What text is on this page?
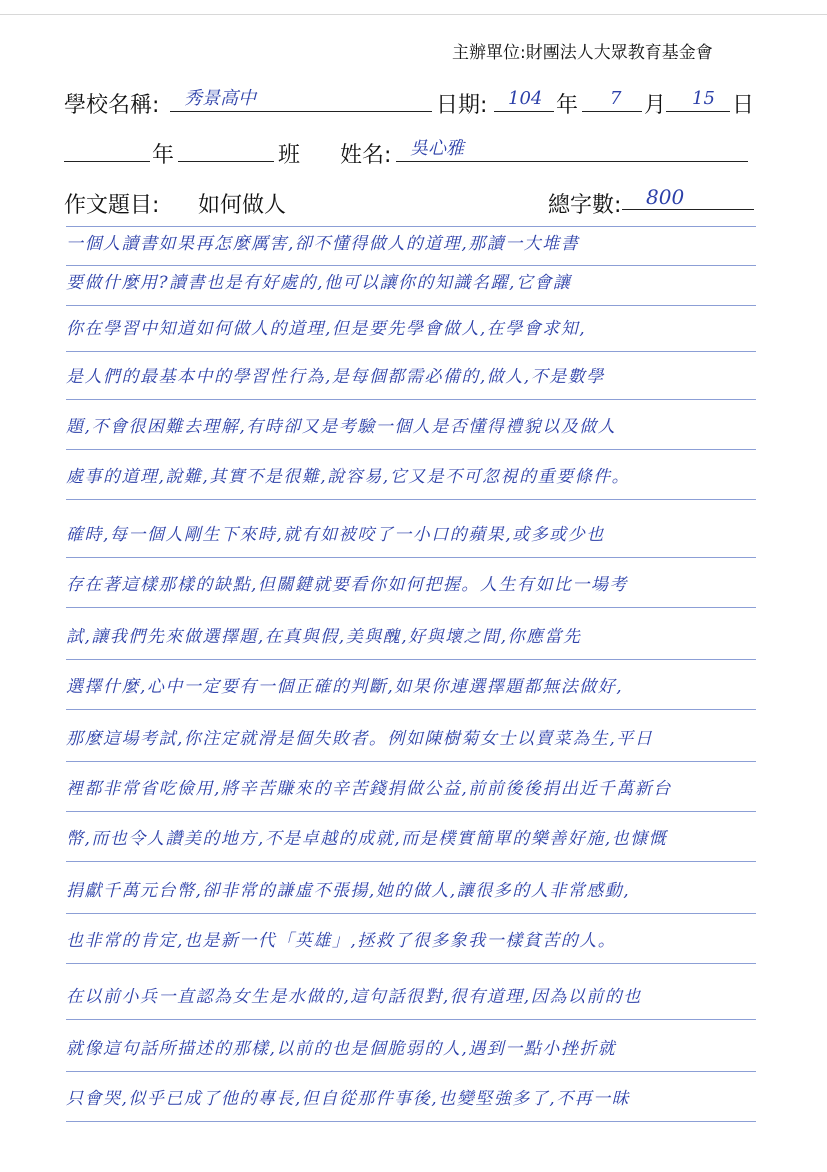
主辦單位:財團法人大眾教育基金會
學校名稱:	秀景高中	日期:	104 年	7	月	15 日
年	班 姓名:	吳心雅
作文題目: 如何做人	總字數:	800
一個人讀書如果再怎麼厲害,卻不懂得做人的道理,那讀一大堆書
要做什麼用?讀書也是有好處的,他可以讓你的知識名躍,它會讓
你在學習中知道如何做人的道理,但是要先學會做人,在學會求知,
是人們的最基本中的學習性行為,是每個都需必備的,做人,不是數學
題,不會很困難去理解,有時卻又是考驗一個人是否懂得禮貌以及做人
處事的道理,說難,其實不是很難,說容易,它又是不可忽視的重要條件。
確時,每一個人剛生下來時,就有如被咬了一小口的蘋果,或多或少也
存在著這樣那樣的缺點,但關鍵就要看你如何把握。人生有如比一場考
試,讓我們先來做選擇題,在真與假,美與醜,好與壞之間,你應當先
選擇什麼,心中一定要有一個正確的判斷,如果你連選擇題都無法做好,
那麼這場考試,你注定就滑是個失敗者。例如陳樹菊女士以賣菜為生,平日
裡都非常省吃儉用,將辛苦賺來的辛苦錢捐做公益,前前後後捐出近千萬新台
幣,而也令人讚美的地方,不是卓越的成就,而是樸實簡單的樂善好施,也慷慨
捐獻千萬元台幣,卻非常的謙虛不張揚,她的做人,讓很多的人非常感動,
也非常的肯定,也是新一代「英雄」,拯救了很多象我一樣貧苦的人。
在以前小兵一直認為女生是水做的,這句話很對,很有道理,因為以前的也
就像這句話所描述的那樣,以前的也是個脆弱的人,遇到一點小挫折就
只會哭,似乎已成了他的專長,但自從那件事後,也變堅強多了,不再一昧
